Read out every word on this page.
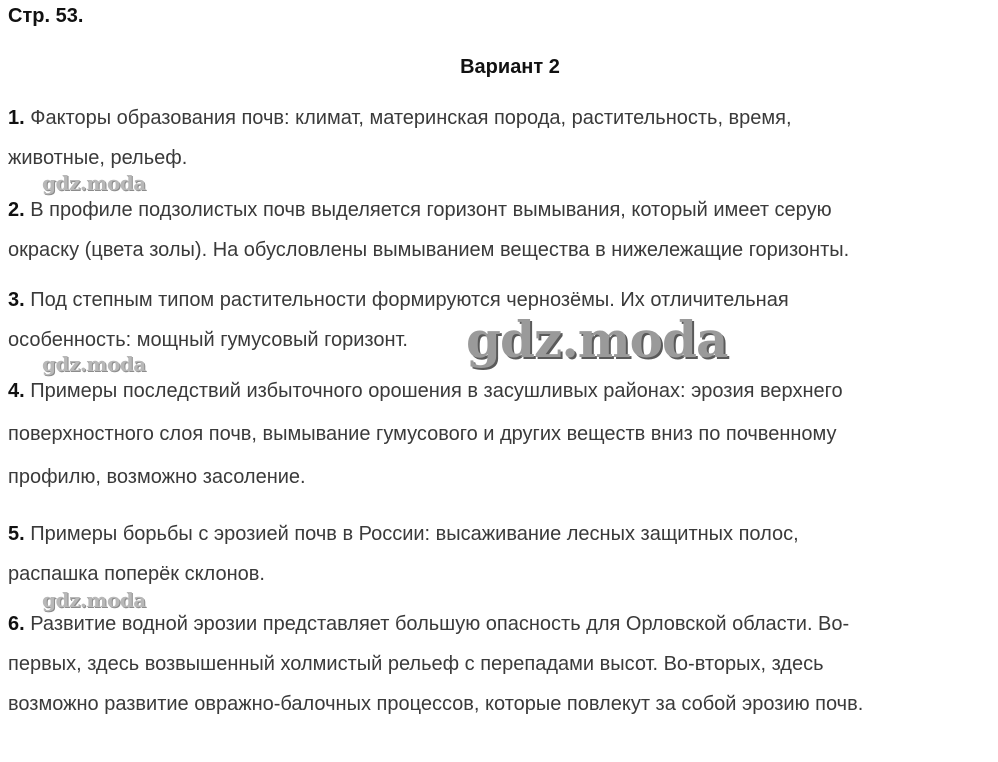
Стр. 53.
Вариант 2
1. Факторы образования почв: климат, материнская порода, растительность, время,
животные, рельеф.
2. В профиле подзолистых почв выделяется горизонт вымывания, который имеет серую
окраску (цвета золы). На обусловлены вымыванием вещества в нижележащие горизонты.
3. Под степным типом растительности формируются чернозёмы. Их отличительная
особенность: мощный гумусовый горизонт.
4. Примеры последствий избыточного орошения в засушливых районах: эрозия верхнего
поверхностного слоя почв, вымывание гумусового и других веществ вниз по почвенному
профилю, возможно засоление.
5. Примеры борьбы с эрозией почв в России: высаживание лесных защитных полос,
распашка поперёк склонов.
6. Развитие водной эрозии представляет большую опасность для Орловской области. Во-
первых, здесь возвышенный холмистый рельеф с перепадами высот. Во-вторых, здесь
возможно развитие овражно-балочных процессов, которые повлекут за собой эрозию почв.
gdz.moda
gdz.moda
gdz.moda
gdz.moda
